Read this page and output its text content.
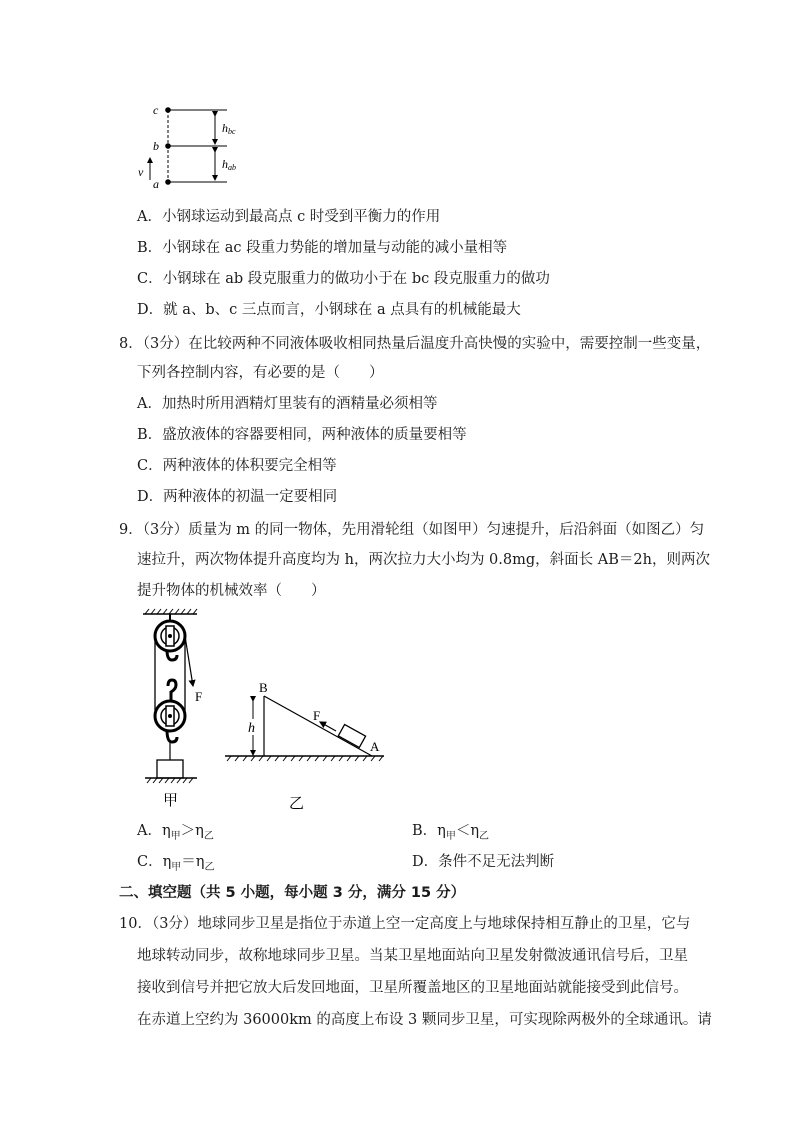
c
b
a
hbc
hab
v
A．小钢球运动到最高点 c 时受到平衡力的作用
B．小钢球在 ac 段重力势能的增加量与动能的减小量相等
C．小钢球在 ab 段克服重力的做功小于在 bc 段克服重力的做功
D．就 a、b、c 三点而言，小钢球在 a 点具有的机械能最大
8．（3分）在比较两种不同液体吸收相同热量后温度升高快慢的实验中，需要控制一些变量，
下列各控制内容，有必要的是（　　）
A．加热时所用酒精灯里装有的酒精量必须相等
B．盛放液体的容器要相同，两种液体的质量要相等
C．两种液体的体积要完全相等
D．两种液体的初温一定要相同
9．（3分）质量为 m 的同一物体，先用滑轮组（如图甲）匀速提升，后沿斜面（如图乙）匀
速拉升，两次物体提升高度均为 h，两次拉力大小均为 0.8mg，斜面长 AB＝2h，则两次
提升物体的机械效率（　　）
F
甲
B
h
A
F
乙
A．$\eta_甲>\eta_乙$	B．$\eta_甲<\eta_乙$
C．$\eta_甲=\eta_乙$	D．条件不足无法判断
二、填空题（共 5 小题，每小题 3 分，满分 15 分）
10．（3分）地球同步卫星是指位于赤道上空一定高度上与地球保持相互静止的卫星，它与
地球转动同步，故称地球同步卫星。当某卫星地面站向卫星发射微波通讯信号后，卫星
接收到信号并把它放大后发回地面，卫星所覆盖地区的卫星地面站就能接受到此信号。
在赤道上空约为 36000km 的高度上布设 3 颗同步卫星，可实现除两极外的全球通讯。请
